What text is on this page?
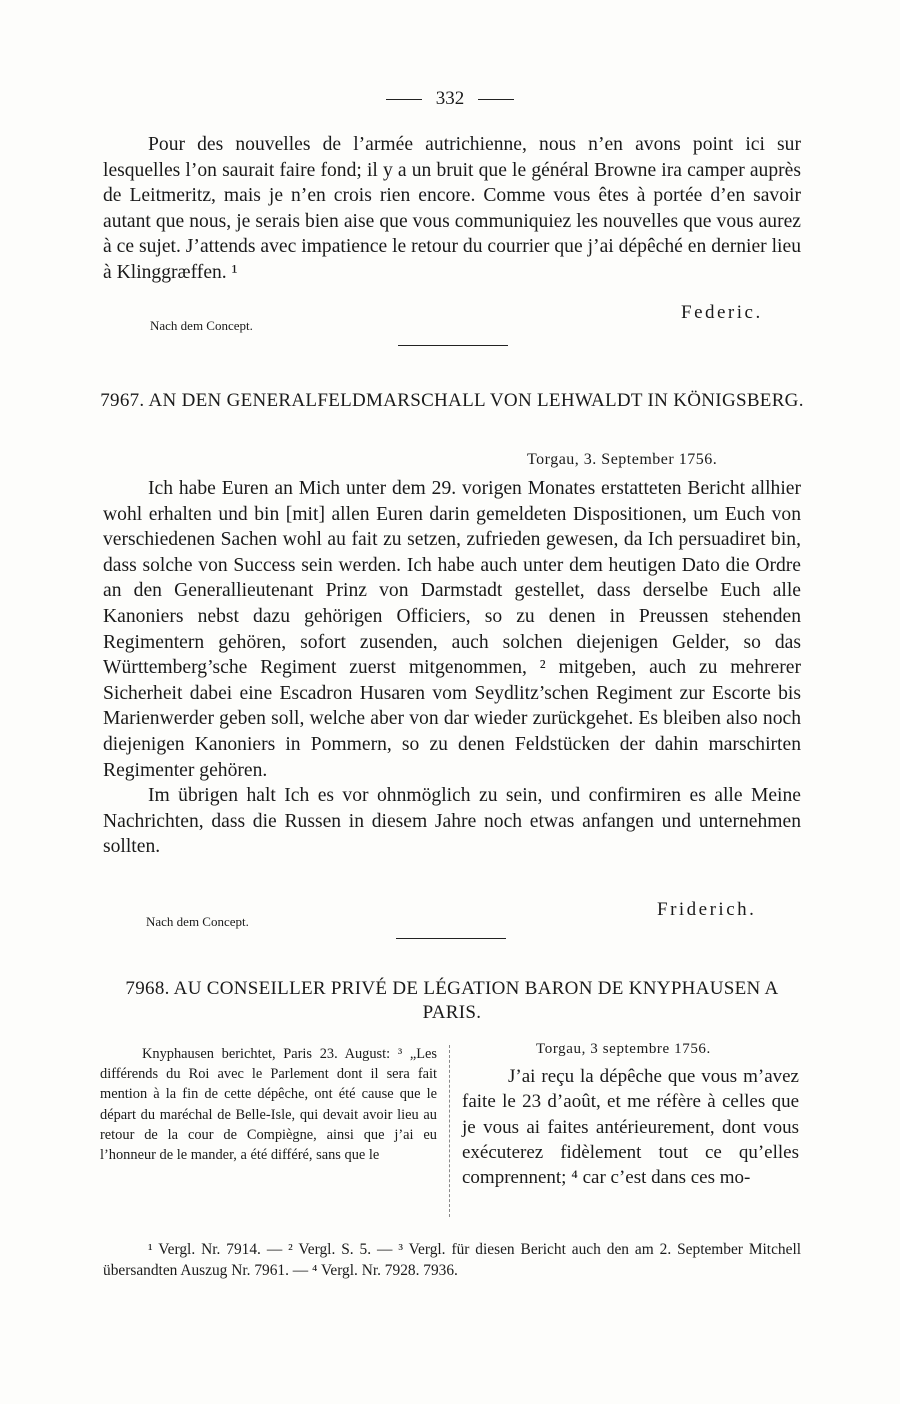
332

Pour des nouvelles de l’armée autrichienne, nous n’en avons point ici sur lesquelles l’on saurait faire fond; il y a un bruit que le général Browne ira camper auprès de Leitmeritz, mais je n’en crois rien encore. Comme vous êtes à portée d’en savoir autant que nous, je serais bien aise que vous communiquiez les nouvelles que vous aurez à ce sujet. J’attends avec impatience le retour du courrier que j’ai dépêché en dernier lieu à Klinggræffen. ¹

Federic.
Nach dem Concept.
7967. AN DEN GENERALFELDMARSCHALL VON LEHWALDT IN KÖNIGSBERG.
Torgau, 3. September 1756.

Ich habe Euren an Mich unter dem 29. vorigen Monates erstatteten Bericht allhier wohl erhalten und bin [mit] allen Euren darin gemeldeten Dispositionen, um Euch von verschiedenen Sachen wohl au fait zu setzen, zufrieden gewesen, da Ich persuadiret bin, dass solche von Success sein werden. Ich habe auch unter dem heutigen Dato die Ordre an den Generallieutenant Prinz von Darmstadt gestellet, dass derselbe Euch alle Kanoniers nebst dazu gehörigen Officiers, so zu denen in Preussen stehenden Regimentern gehören, sofort zusenden, auch solchen diejenigen Gelder, so das Württemberg’sche Regiment zuerst mitgenommen, ² mitgeben, auch zu mehrerer Sicherheit dabei eine Escadron Husaren vom Seydlitz’schen Regiment zur Escorte bis Marienwerder geben soll, welche aber von dar wieder zurückgehet. Es bleiben also noch diejenigen Kanoniers in Pommern, so zu denen Feldstücken der dahin marschirten Regimenter gehören.

Im übrigen halt Ich es vor ohnmöglich zu sein, und confirmiren es alle Meine Nachrichten, dass die Russen in diesem Jahre noch etwas anfangen und unternehmen sollten.

Friderich.
Nach dem Concept.
7968. AU CONSEILLER PRIVÉ DE LÉGATION BARON DE KNYPHAUSEN A PARIS.

Knyphausen berichtet, Paris 23. August: ³ „Les différends du Roi avec le Parlement dont il sera fait mention à la fin de cette dépêche, ont été cause que le départ du maréchal de Belle-Isle, qui devait avoir lieu au retour de la cour de Compiègne, ainsi que j’ai eu l’honneur de le mander, a été différé, sans que le

Torgau, 3 septembre 1756.

J’ai reçu la dépêche que vous m’avez faite le 23 d’août, et me réfère à celles que je vous ai faites antérieurement, dont vous exécuterez fidèlement tout ce qu’elles comprennent; ⁴ car c’est dans ces mo-

¹ Vergl. Nr. 7914. — ² Vergl. S. 5. — ³ Vergl. für diesen Bericht auch den am 2. September Mitchell übersandten Auszug Nr. 7961. — ⁴ Vergl. Nr. 7928. 7936.
